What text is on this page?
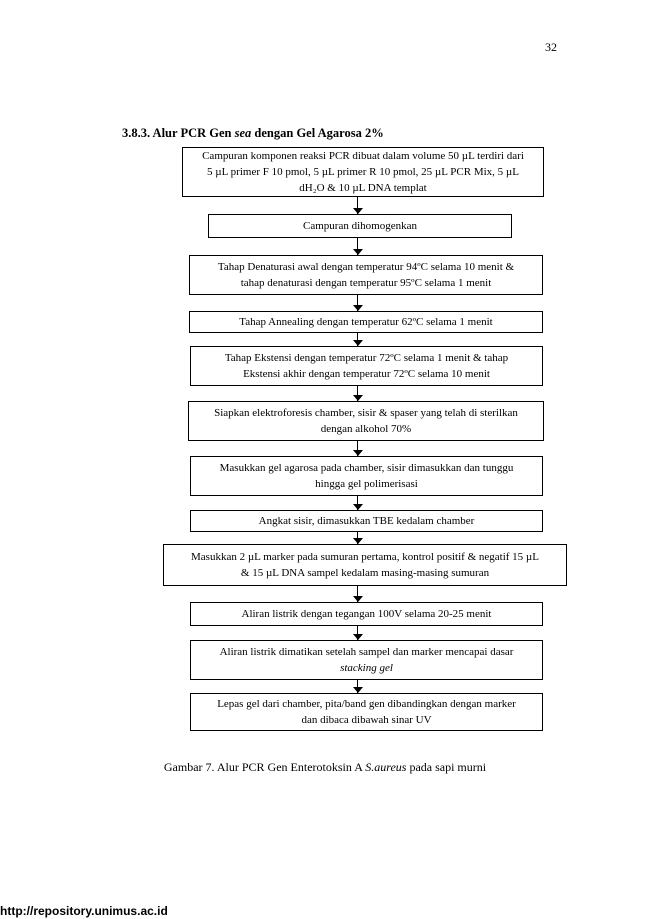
32
3.8.3. Alur PCR Gen sea dengan Gel Agarosa 2%
Campuran komponen reaksi PCR dibuat dalam volume 50 µL terdiri dari
5 µL primer F 10 pmol, 5 µL primer R 10 pmol, 25 µL PCR Mix, 5 µL
dH₂O & 10 µL DNA templat
Campuran dihomogenkan
Tahap Denaturasi awal dengan temperatur 94ºC selama 10 menit &
tahap denaturasi dengan temperatur 95ºC selama 1 menit
Tahap Annealing dengan temperatur 62ºC selama 1 menit
Tahap Ekstensi dengan temperatur 72ºC selama 1 menit & tahap
Ekstensi akhir dengan temperatur 72ºC selama 10 menit
Siapkan elektroforesis chamber, sisir & spaser yang telah di sterilkan
dengan alkohol 70%
Masukkan gel agarosa pada chamber, sisir dimasukkan dan tunggu
hingga gel polimerisasi
Angkat sisir, dimasukkan TBE kedalam chamber
Masukkan 2 µL marker pada sumuran pertama, kontrol positif & negatif 15 µL
& 15 µL DNA sampel kedalam masing-masing sumuran
Aliran listrik dengan tegangan 100V selama 20-25 menit
Aliran listrik dimatikan setelah sampel dan marker mencapai dasar
stacking gel
Lepas gel dari chamber, pita/band gen dibandingkan dengan marker
dan dibaca dibawah sinar UV
Gambar 7. Alur PCR Gen Enterotoksin A S.aureus pada sapi murni
http://repository.unimus.ac.id
